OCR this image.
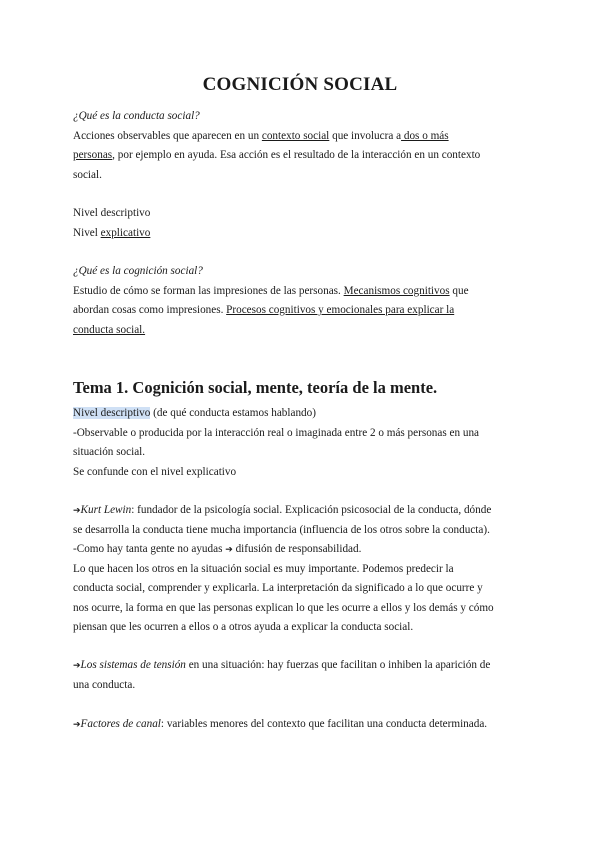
COGNICIÓN SOCIAL

¿Qué es la conducta social?

Acciones observables que aparecen en un contexto social que involucra a dos o más

personas, por ejemplo en ayuda. Esa acción es el resultado de la interacción en un contexto

social.

Nivel descriptivo

Nivel explicativo

¿Qué es la cognición social?

Estudio de cómo se forman las impresiones de las personas. Mecanismos cognitivos que

abordan cosas como impresiones. Procesos cognitivos y emocionales para explicar la

conducta social.

Tema 1. Cognición social, mente, teoría de la mente.

Nivel descriptivo (de qué conducta estamos hablando)

-Observable o producida por la interacción real o imaginada entre 2 o más personas en una

situación social.

Se confunde con el nivel explicativo

➔Kurt Lewin: fundador de la psicología social. Explicación psicosocial de la conducta, dónde

se desarrolla la conducta tiene mucha importancia (influencia de los otros sobre la conducta).

-Como hay tanta gente no ayudas ➔ difusión de responsabilidad.

Lo que hacen los otros en la situación social es muy importante. Podemos predecir la

conducta social, comprender y explicarla. La interpretación da significado a lo que ocurre y

nos ocurre, la forma en que las personas explican lo que les ocurre a ellos y los demás y cómo

piensan que les ocurren a ellos o a otros ayuda a explicar la conducta social.

➔Los sistemas de tensión en una situación: hay fuerzas que facilitan o inhiben la aparición de

una conducta.

➔Factores de canal: variables menores del contexto que facilitan una conducta determinada.
